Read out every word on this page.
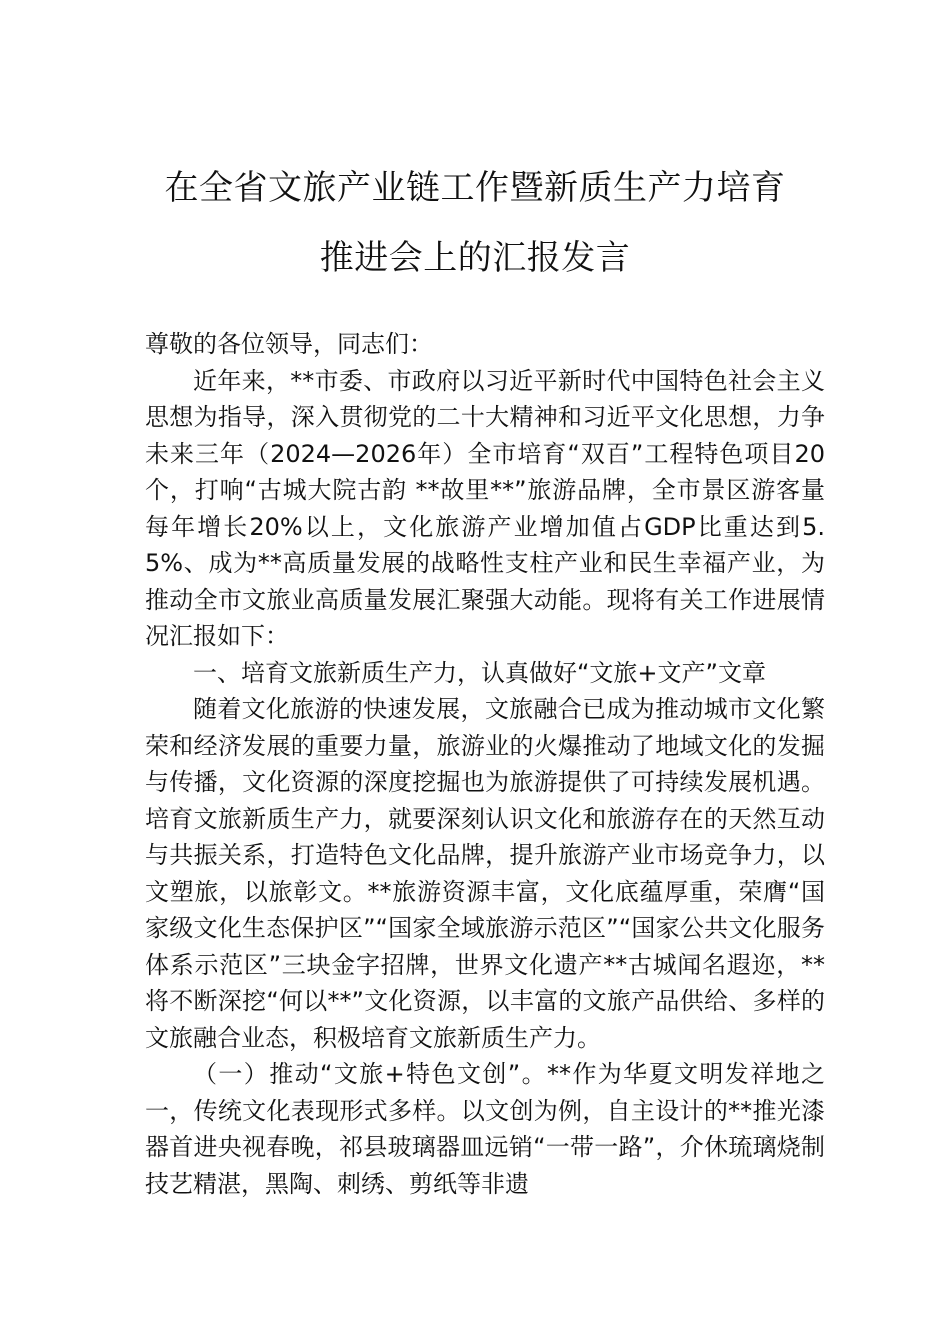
在全省文旅产业链工作暨新质生产力培育
推进会上的汇报发言

尊敬的各位领导，同志们：

近年来，**市委、市政府以习近平新时代中国特色社会主义思想为指导，深入贯彻党的二十大精神和习近平文化思想，力争未来三年（2024—2026年）全市培育“双百”工程特色项目20个，打响“古城大院古韵 **故里**”旅游品牌，全市景区游客量每年增长20%以上，文化旅游产业增加值占GDP比重达到5.5%、成为**高质量发展的战略性支柱产业和民生幸福产业，为推动全市文旅业高质量发展汇聚强大动能。现将有关工作进展情况汇报如下：

一、培育文旅新质生产力，认真做好“文旅+文产”文章

随着文化旅游的快速发展，文旅融合已成为推动城市文化繁荣和经济发展的重要力量，旅游业的火爆推动了地域文化的发掘与传播，文化资源的深度挖掘也为旅游提供了可持续发展机遇。培育文旅新质生产力，就要深刻认识文化和旅游存在的天然互动与共振关系，打造特色文化品牌，提升旅游产业市场竞争力，以文塑旅，以旅彰文。**旅游资源丰富，文化底蕴厚重，荣膺“国家级文化生态保护区”“国家全域旅游示范区”“国家公共文化服务体系示范区”三块金字招牌，世界文化遗产**古城闻名遐迩，**将不断深挖“何以**”文化资源，以丰富的文旅产品供给、多样的文旅融合业态，积极培育文旅新质生产力。

（一）推动“文旅+特色文创”。**作为华夏文明发祥地之一，传统文化表现形式多样。以文创为例，自主设计的**推光漆器首进央视春晚，祁县玻璃器皿远销“一带一路”，介休琉璃烧制技艺精湛，黑陶、刺绣、剪纸等非遗
